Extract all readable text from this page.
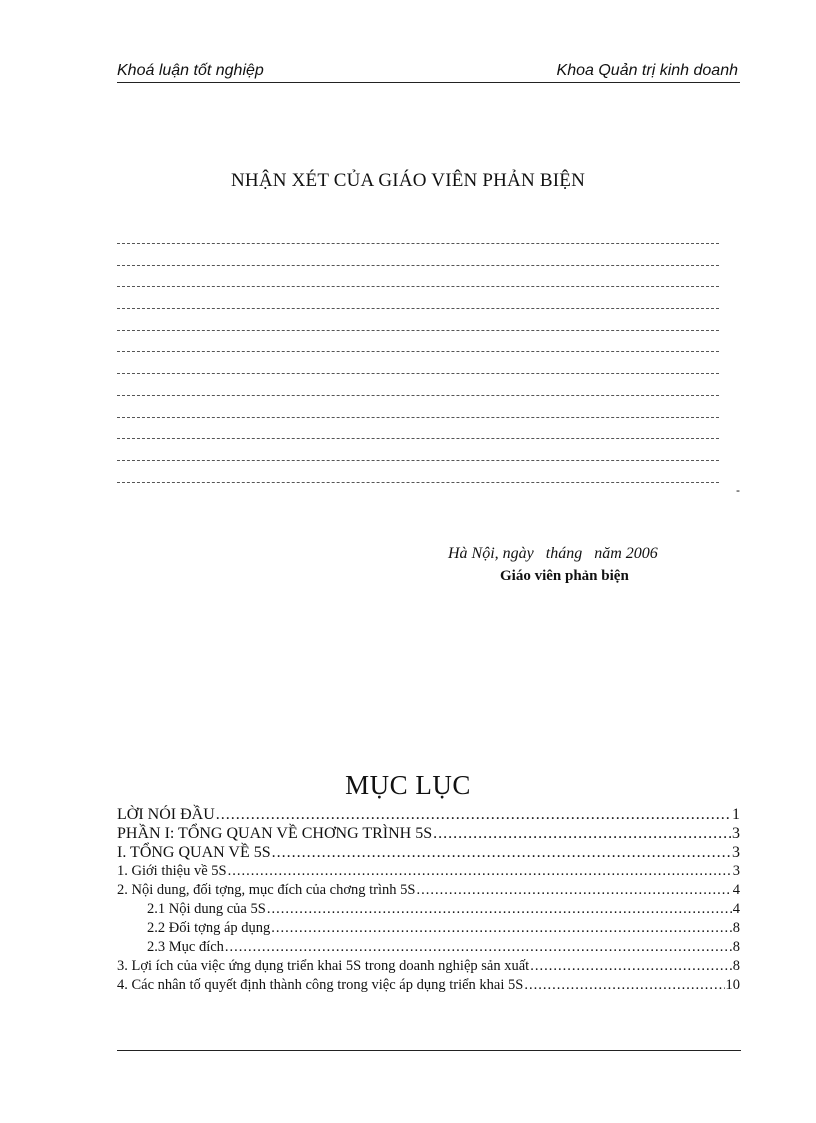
Khoá luận tốt nghiệp	Khoa Quản trị kinh doanh
NHẬN XÉT CỦA GIÁO VIÊN PHẢN BIỆN
-
Hà Nội, ngày   tháng   năm 2006
Giáo viên phản biện
MỤC LỤC
LỜI NÓI ĐẦU .....	1
PHẦN I: TỔNG QUAN VỀ CHƠNG TRÌNH 5S .....	3
I. TỔNG QUAN VỀ 5S .....	3
1. Giới thiệu về 5S .....	3
2. Nội dung, đối tợng, mục đích của chơng trình 5S .....	4
2.1 Nội dung của 5S .....	4
2.2 Đối tợng áp dụng .....	8
2.3 Mục đích .....	8
3. Lợi ích của việc ứng dụng triển khai 5S trong doanh nghiệp sản xuất .....	8
4. Các nhân tố quyết định thành công trong việc áp dụng triển khai 5S .....	10
